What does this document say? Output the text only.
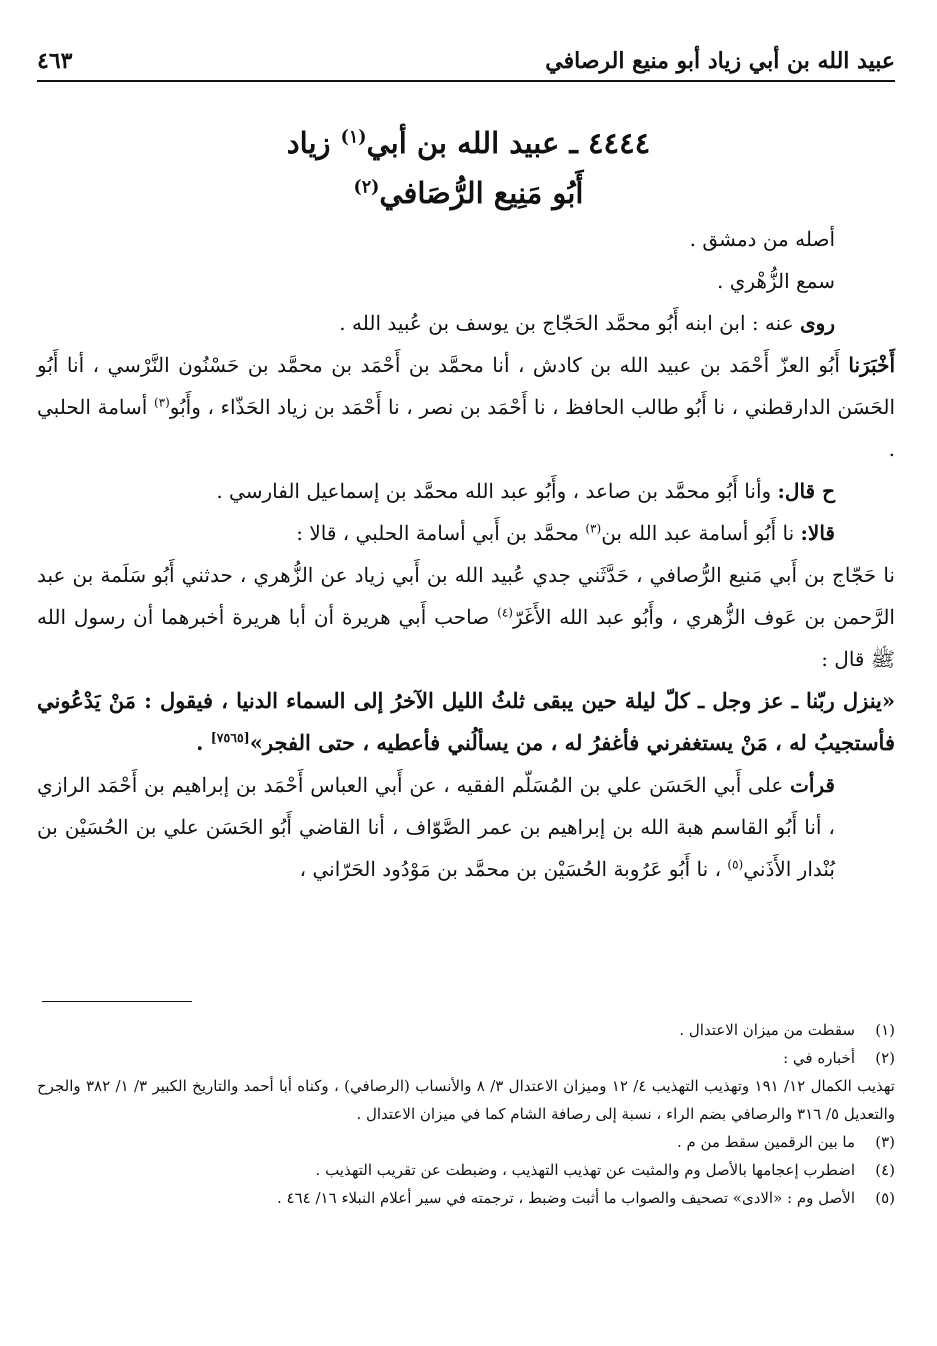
عبيد الله بن أبي زياد أبو منيع الرصافي
٤٦٣
٤٤٤٤ ـ عبيد الله بن أبي$^{(١)}$ زياد
أَبُو مَنِيع الرُّصَافي$^{(٢)}$

أصله من دمشق .

سمع الزُّهْري .

روى عنه : ابن ابنه أَبُو محمَّد الحَجّاج بن يوسف بن عُبيد الله .

أَخْبَرَنا أَبُو العزّ أَحْمَد بن عبيد الله بن كادش ، أنا محمَّد بن أَحْمَد بن محمَّد بن حَسْنُون النَّرْسي ، أنا أَبُو الحَسَن الدارقطني ، نا أَبُو طالب الحافظ ، نا أَحْمَد بن نصر ، نا أَحْمَد بن زياد الحَذّاء ، وأَبُو$^{(٣)}$ أسامة الحلبي .

ح قال: وأنا أَبُو محمَّد بن صاعد ، وأَبُو عبد الله محمَّد بن إسماعيل الفارسي .

قالا: نا أَبُو أسامة عبد الله بن$^{(٣)}$ محمَّد بن أَبي أسامة الحلبي ، قالا :

نا حَجّاج بن أَبي مَنيع الرُّصافي ، حَدَّثَني جدي عُبيد الله بن أَبي زياد عن الزُّهري ، حدثني أَبُو سَلَمة بن عبد الرَّحمن بن عَوف الزُّهري ، وأَبُو عبد الله الأَغَرّ$^{(٤)}$ صاحب أَبي هريرة أن أبا هريرة أخبرهما أن رسول الله ﷺ قال :

«ينزل ربّنا ـ عز وجل ـ كلّ ليلة حين يبقى ثلثُ الليل الآخرُ إلى السماء الدنيا ، فيقول : مَنْ يَدْعُوني فأستجيبُ له ، مَنْ يستغفرني فأغفرُ له ، من يسألُني فأعطيه ، حتى الفجر»[٧٥٦٥] .

قرأت على أَبي الحَسَن علي بن المُسَلّم الفقيه ، عن أَبي العباس أَحْمَد بن إبراهيم بن أَحْمَد الرازي ، أنا أَبُو القاسم هبة الله بن إبراهيم بن عمر الصَّوّاف ، أنا القاضي أَبُو الحَسَن علي بن الحُسَيْن بن بُنْدار الأَذَني$^{(٥)}$ ، نا أَبُو عَرُوبة الحُسَيْن بن محمَّد بن مَوْدُود الحَرّاني ،

(١)
سقطت من ميزان الاعتدال .
(٢)
أخباره في :
تهذيب الكمال ١٢/ ١٩١ وتهذيب التهذيب ٤/ ١٢ وميزان الاعتدال ٣/ ٨ والأنساب (الرصافي) ، وكناه أبا أحمد والتاريخ الكبير ٣/ ١/ ٣٨٢ والجرح والتعديل ٥/ ٣١٦ والرصافي بضم الراء ، نسبة إلى رصافة الشام كما في ميزان الاعتدال .
(٣)
ما بين الرقمين سقط من م .
(٤)
اضطرب إعجامها بالأصل وم والمثبت عن تهذيب التهذيب ، وضبطت عن تقريب التهذيب .
(٥)
الأصل وم : «الادى» تصحيف والصواب ما أثبت وضبط ، ترجمته في سير أعلام النبلاء ١٦/ ٤٦٤ .
